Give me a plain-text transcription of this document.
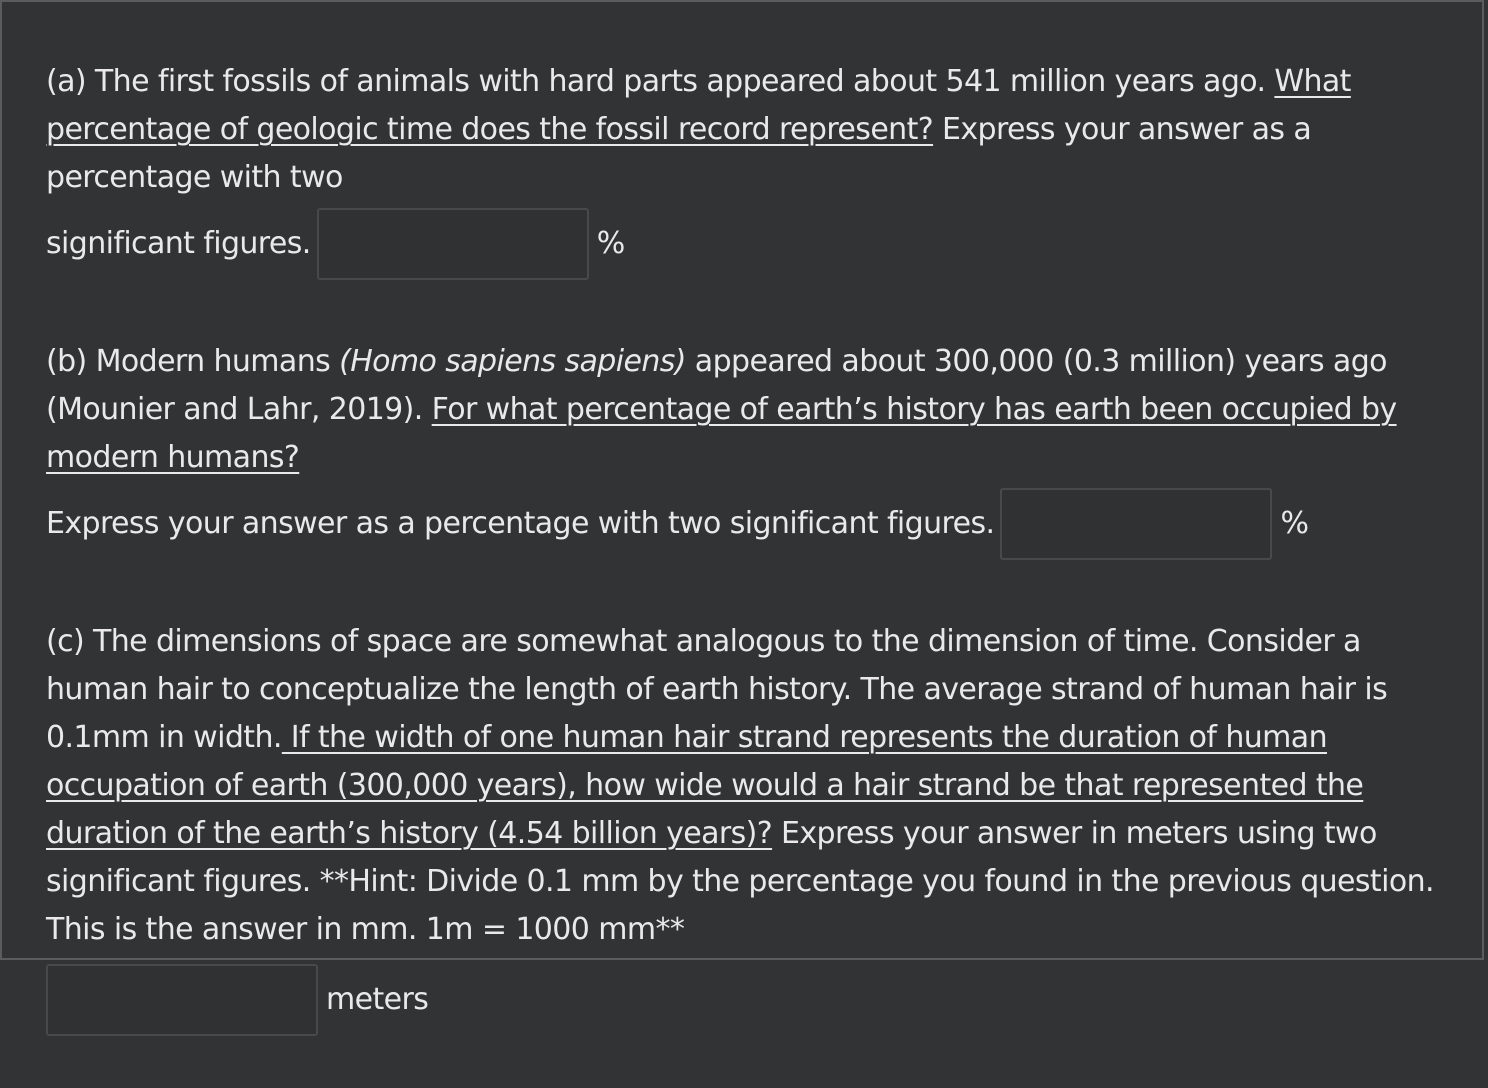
(a) The first fossils of animals with hard parts appeared about 541 million years ago. What percentage of geologic time does the fossil record represent? Express your answer as a percentage with two
significant figures.	%
(b) Modern humans (Homo sapiens sapiens) appeared about 300,000 (0.3 million) years ago (Mounier and Lahr, 2019). For what percentage of earth’s history has earth been occupied by modern humans?
Express your answer as a percentage with two significant figures.	%
(c) The dimensions of space are somewhat analogous to the dimension of time. Consider a human hair to conceptualize the length of earth history. The average strand of human hair is 0.1mm in width. If the width of one human hair strand represents the duration of human occupation of earth (300,000 years), how wide would a hair strand be that represented the duration of the earth’s history (4.54 billion years)? Express your answer in meters using two significant figures. **Hint: Divide 0.1 mm by the percentage you found in the previous question. This is the answer in mm. 1m = 1000 mm**
meters
